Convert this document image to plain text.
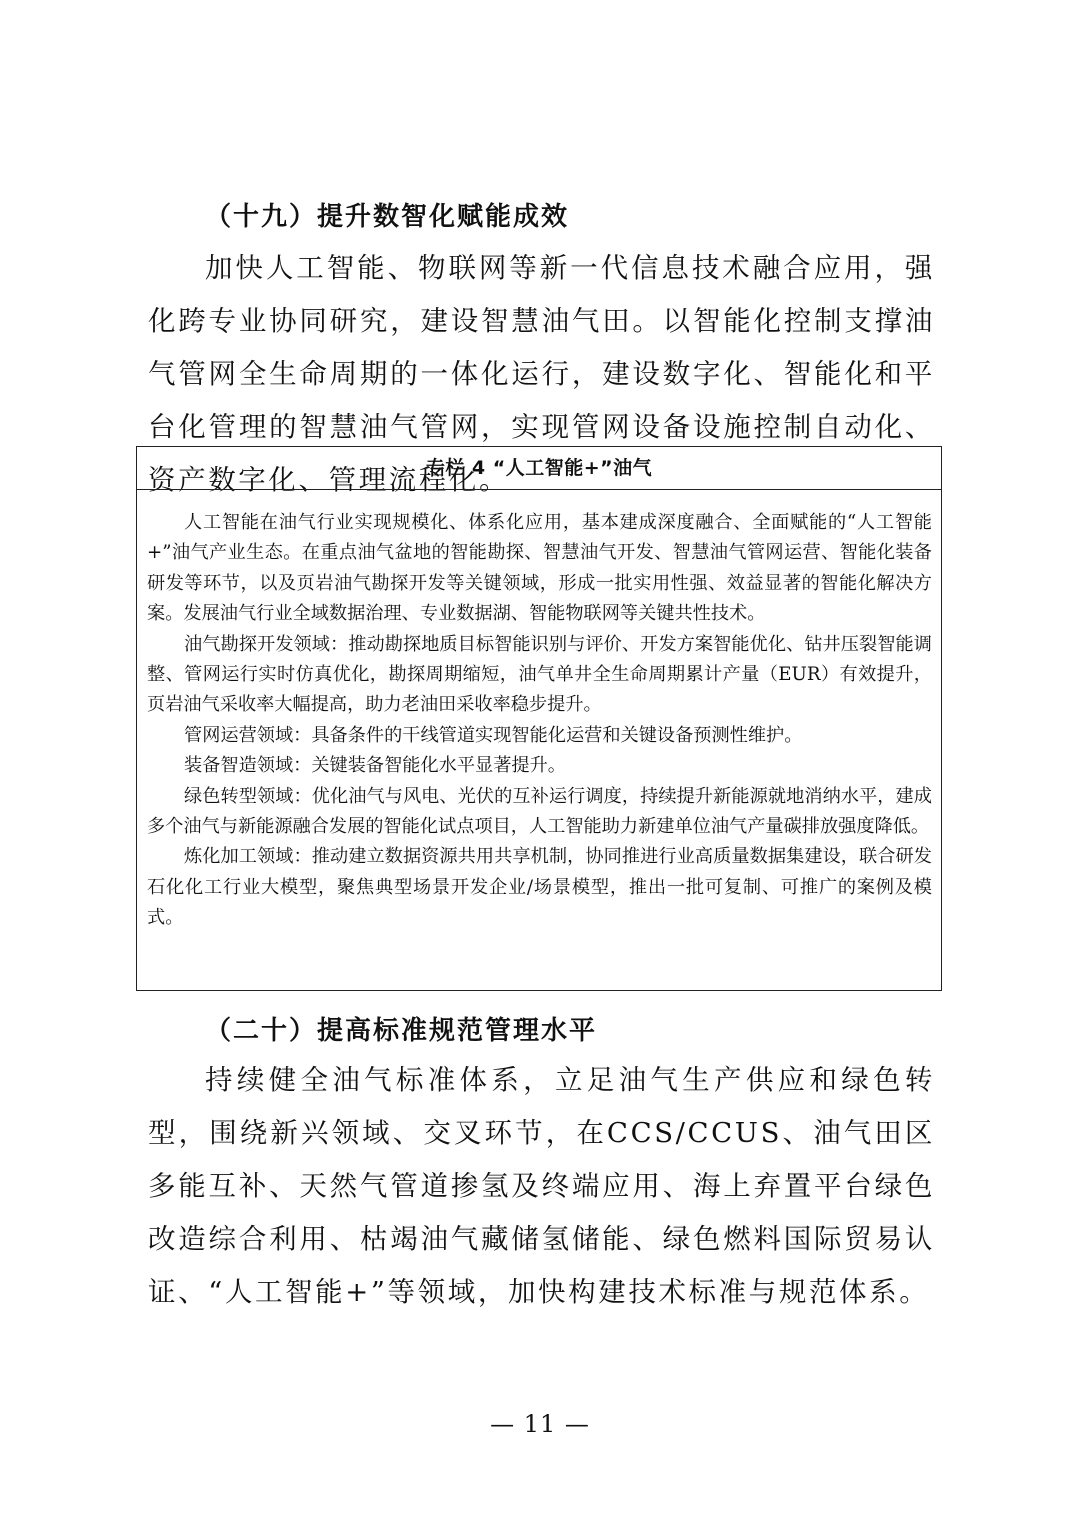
（十九）提升数智化赋能成效

加快人工智能、物联网等新一代信息技术融合应用，强化跨专业协同研究，建设智慧油气田。以智能化控制支撑油气管网全生命周期的一体化运行，建设数字化、智能化和平台化管理的智慧油气管网，实现管网设备设施控制自动化、资产数字化、管理流程化。

专栏 4 “人工智能+”油气

人工智能在油气行业实现规模化、体系化应用，基本建成深度融合、全面赋能的“人工智能+”油气产业生态。在重点油气盆地的智能勘探、智慧油气开发、智慧油气管网运营、智能化装备研发等环节，以及页岩油气勘探开发等关键领域，形成一批实用性强、效益显著的智能化解决方案。发展油气行业全域数据治理、专业数据湖、智能物联网等关键共性技术。

油气勘探开发领域：推动勘探地质目标智能识别与评价、开发方案智能优化、钻井压裂智能调整、管网运行实时仿真优化，勘探周期缩短，油气单井全生命周期累计产量（EUR）有效提升，页岩油气采收率大幅提高，助力老油田采收率稳步提升。

管网运营领域：具备条件的干线管道实现智能化运营和关键设备预测性维护。

装备智造领域：关键装备智能化水平显著提升。

绿色转型领域：优化油气与风电、光伏的互补运行调度，持续提升新能源就地消纳水平，建成多个油气与新能源融合发展的智能化试点项目，人工智能助力新建单位油气产量碳排放强度降低。

炼化加工领域：推动建立数据资源共用共享机制，协同推进行业高质量数据集建设，联合研发石化化工行业大模型，聚焦典型场景开发企业/场景模型，推出一批可复制、可推广的案例及模式。

（二十）提高标准规范管理水平

持续健全油气标准体系，立足油气生产供应和绿色转型，围绕新兴领域、交叉环节，在CCS/CCUS、油气田区多能互补、天然气管道掺氢及终端应用、海上弃置平台绿色改造综合利用、枯竭油气藏储氢储能、绿色燃料国际贸易认证、“人工智能+”等领域，加快构建技术标准与规范体系。

— 11 —
